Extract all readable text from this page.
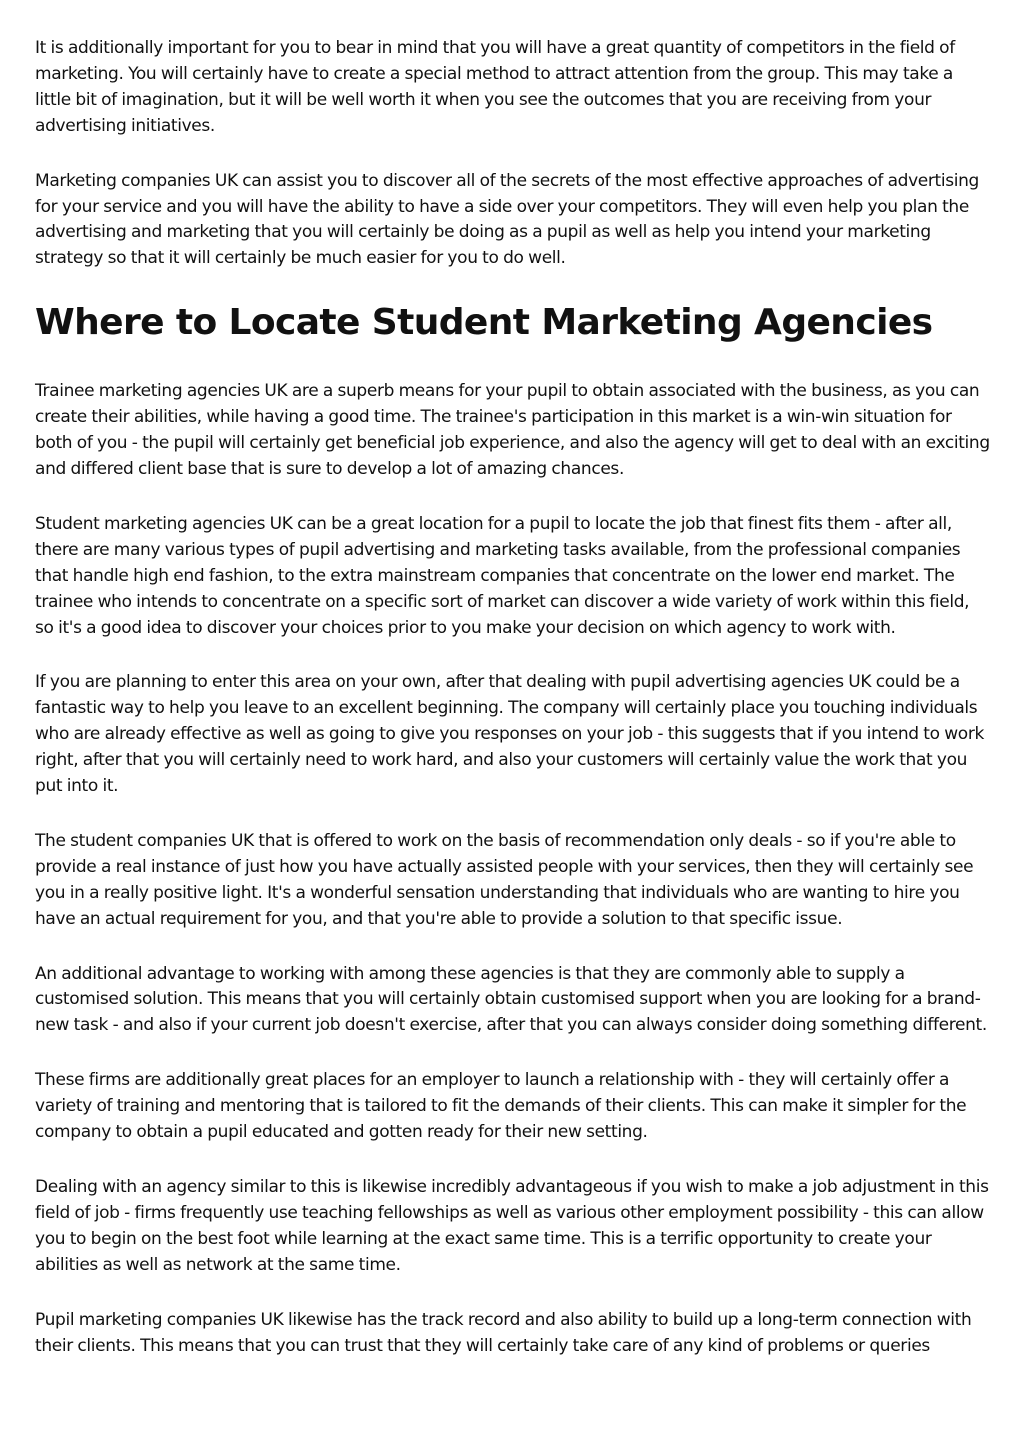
It is additionally important for you to bear in mind that you will have a great quantity of competitors in the field of marketing. You will certainly have to create a special method to attract attention from the group. This may take a little bit of imagination, but it will be well worth it when you see the outcomes that you are receiving from your advertising initiatives.

Marketing companies UK can assist you to discover all of the secrets of the most effective approaches of advertising for your service and you will have the ability to have a side over your competitors. They will even help you plan the advertising and marketing that you will certainly be doing as a pupil as well as help you intend your marketing strategy so that it will certainly be much easier for you to do well.

Where to Locate Student Marketing Agencies

Trainee marketing agencies UK are a superb means for your pupil to obtain associated with the business, as you can create their abilities, while having a good time. The trainee's participation in this market is a win-win situation for both of you - the pupil will certainly get beneficial job experience, and also the agency will get to deal with an exciting and differed client base that is sure to develop a lot of amazing chances.

Student marketing agencies UK can be a great location for a pupil to locate the job that finest fits them - after all, there are many various types of pupil advertising and marketing tasks available, from the professional companies that handle high end fashion, to the extra mainstream companies that concentrate on the lower end market. The trainee who intends to concentrate on a specific sort of market can discover a wide variety of work within this field, so it's a good idea to discover your choices prior to you make your decision on which agency to work with.

If you are planning to enter this area on your own, after that dealing with pupil advertising agencies UK could be a fantastic way to help you leave to an excellent beginning. The company will certainly place you touching individuals who are already effective as well as going to give you responses on your job - this suggests that if you intend to work right, after that you will certainly need to work hard, and also your customers will certainly value the work that you put into it.

The student companies UK that is offered to work on the basis of recommendation only deals - so if you're able to provide a real instance of just how you have actually assisted people with your services, then they will certainly see you in a really positive light. It's a wonderful sensation understanding that individuals who are wanting to hire you have an actual requirement for you, and that you're able to provide a solution to that specific issue.

An additional advantage to working with among these agencies is that they are commonly able to supply a customised solution. This means that you will certainly obtain customised support when you are looking for a brand-new task - and also if your current job doesn't exercise, after that you can always consider doing something different.

These firms are additionally great places for an employer to launch a relationship with - they will certainly offer a variety of training and mentoring that is tailored to fit the demands of their clients. This can make it simpler for the company to obtain a pupil educated and gotten ready for their new setting.

Dealing with an agency similar to this is likewise incredibly advantageous if you wish to make a job adjustment in this field of job - firms frequently use teaching fellowships as well as various other employment possibility - this can allow you to begin on the best foot while learning at the exact same time. This is a terrific opportunity to create your abilities as well as network at the same time.

Pupil marketing companies UK likewise has the track record and also ability to build up a long-term connection with their clients. This means that you can trust that they will certainly take care of any kind of problems or queries
